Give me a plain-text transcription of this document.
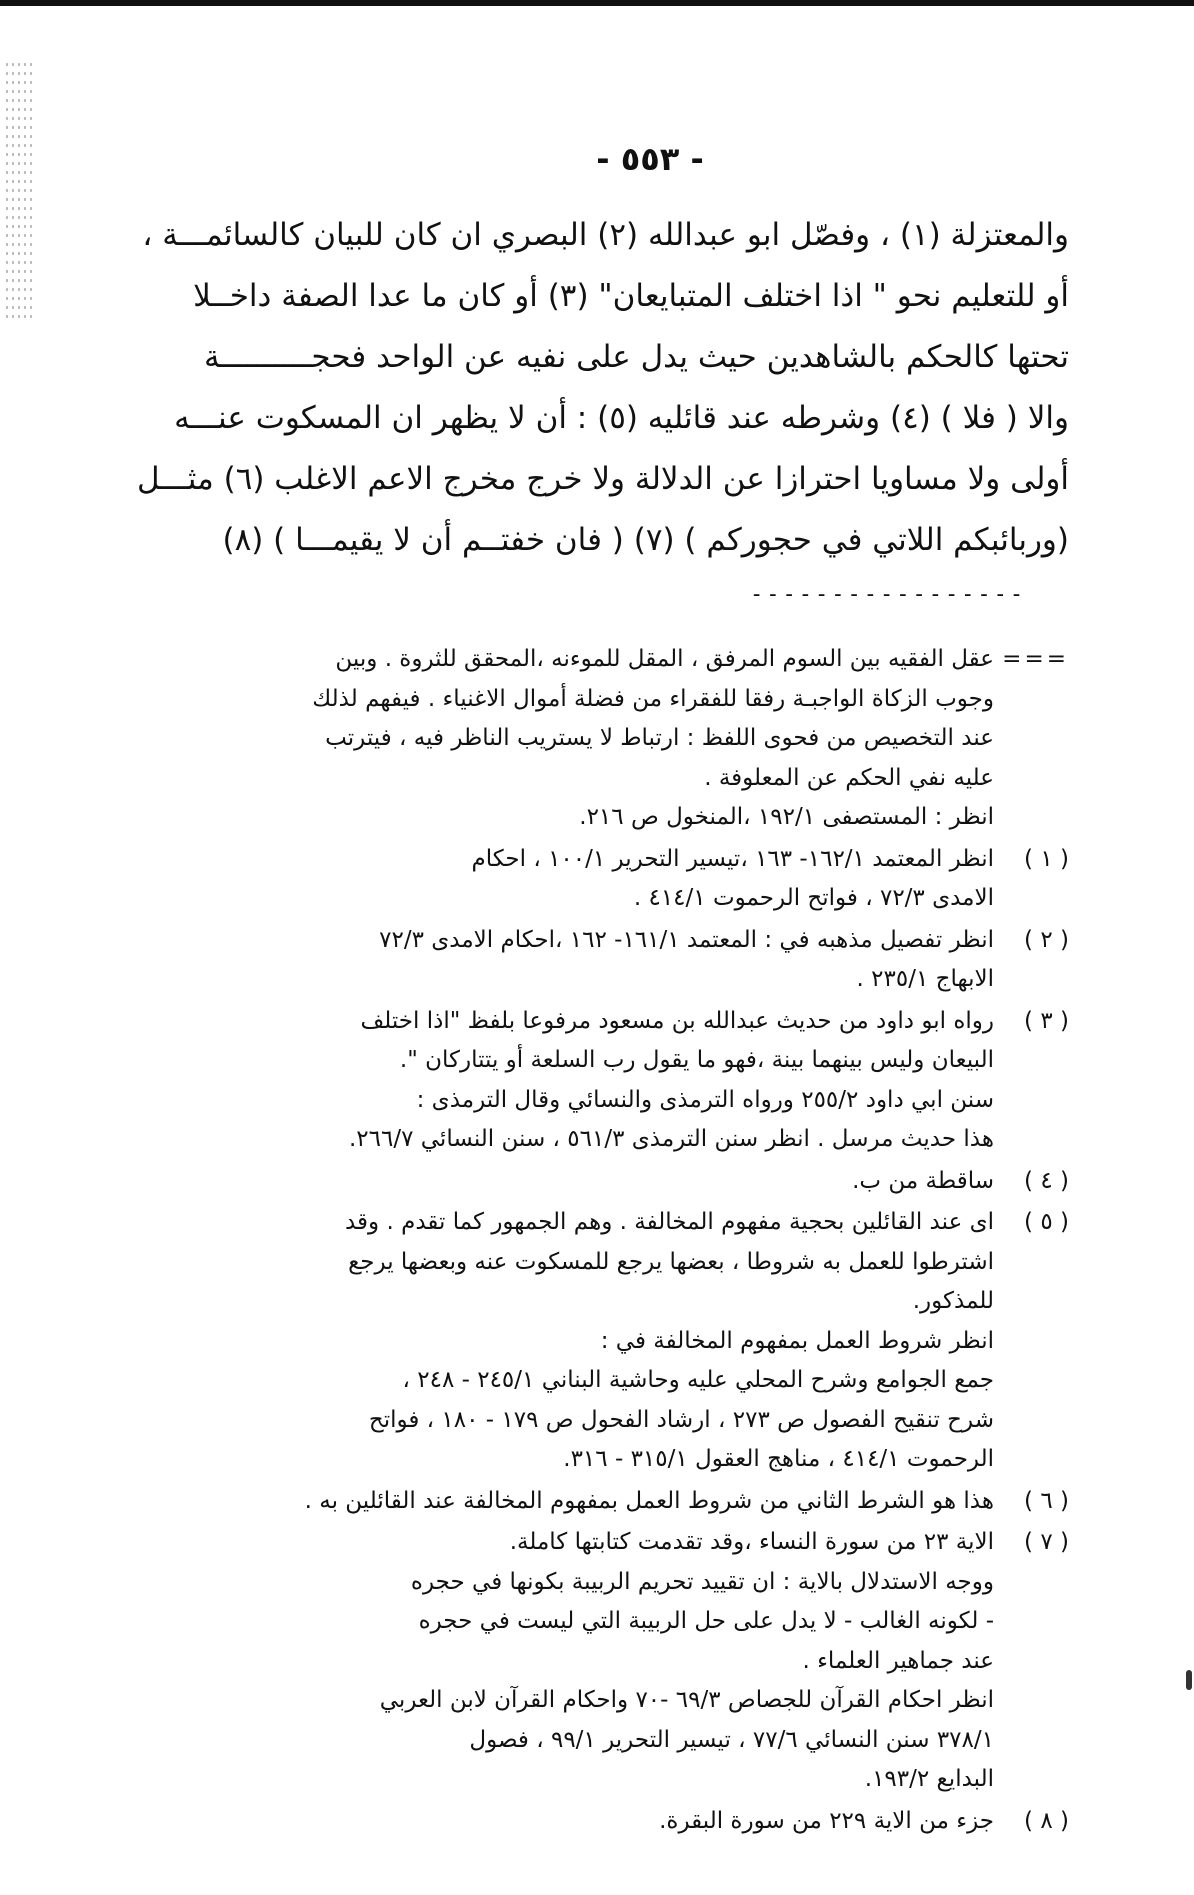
- ٥٥٣ -
والمعتزلة (١) ، وفصّل ابو عبدالله (٢) البصري ان كان للبيان كالسائمـــة ،
أو للتعليم نحو " اذا اختلف المتبايعان" (٣) أو كان ما عدا الصفة داخــلا
تحتها كالحكم بالشاهدين حيث يدل على نفيه عن الواحد فحجــــــــــة
والا ( فلا ) (٤) وشرطه عند قائليه (٥) : أن لا يظهر ان المسكوت عنـــه
أولى ولا مساويا احترازا عن الدلالة ولا خرج مخرج الاعم الاغلب (٦) مثـــل
(وربائبكم اللاتي في حجوركم ) (٧) ( فان خفتــم أن لا يقيمـــا ) (٨)
-----------------
===
عقل الفقيه بين السوم المرفق ، المقل للموءنه ،المحقق للثروة . وبين
وجوب الزكاة الواجبـة رفقا للفقراء من فضلة أموال الاغنياء . فيفهم لذلك
عند التخصيص من فحوى اللفظ : ارتباط لا يستريب الناظر فيه ، فيترتب
عليه نفي الحكم عن المعلوفة .
انظر : المستصفى ١٩٢/١ ،المنخول ص ٢١٦.
( ١ )
انظر المعتمد ١٦٢/١- ١٦٣ ،تيسير التحرير ١٠٠/١ ، احكام
الامدى ٧٢/٣ ، فواتح الرحموت ٤١٤/١ .
( ٢ )
انظر تفصيل مذهبه في : المعتمد ١٦١/١- ١٦٢ ،احكام الامدى ٧٢/٣
الابهاج ٢٣٥/١ .
( ٣ )
رواه ابو داود من حديث عبدالله بن مسعود مرفوعا بلفظ "اذا اختلف
البيعان وليس بينهما بينة ،فهو ما يقول رب السلعة أو يتتاركان ".
سنن ابي داود ٢٥٥/٢ ورواه الترمذى والنسائي وقال الترمذى :
هذا حديث مرسل . انظر سنن الترمذى ٥٦١/٣ ، سنن النسائي ٢٦٦/٧.
( ٤ )
ساقطة من ب.
( ٥ )
اى عند القائلين بحجية مفهوم المخالفة . وهم الجمهور كما تقدم . وقد
اشترطوا للعمل به شروطا ، بعضها يرجع للمسكوت عنه وبعضها يرجع
للمذكور.
انظر شروط العمل بمفهوم المخالفة في :
جمع الجوامع وشرح المحلي عليه وحاشية البناني ٢٤٥/١ - ٢٤٨ ،
شرح تنقيح الفصول ص ٢٧٣ ، ارشاد الفحول ص ١٧٩ - ١٨٠ ، فواتح
الرحموت ٤١٤/١ ، مناهج العقول ٣١٥/١ - ٣١٦.
( ٦ )
هذا هو الشرط الثاني من شروط العمل بمفهوم المخالفة عند القائلين به .
( ٧ )
الاية ٢٣ من سورة النساء ،وقد تقدمت كتابتها كاملة.
ووجه الاستدلال بالاية : ان تقييد تحريم الربيبة بكونها في حجره
- لكونه الغالب - لا يدل على حل الربيبة التي ليست في حجره
عند جماهير العلماء .
انظر احكام القرآن للجصاص ٦٩/٣ -٧٠ واحكام القرآن لابن العربي
٣٧٨/١ سنن النسائي ٧٧/٦ ، تيسير التحرير ٩٩/١ ، فصول
البدايع ١٩٣/٢.
( ٨ )
جزء من الاية ٢٢٩ من سورة البقرة.
